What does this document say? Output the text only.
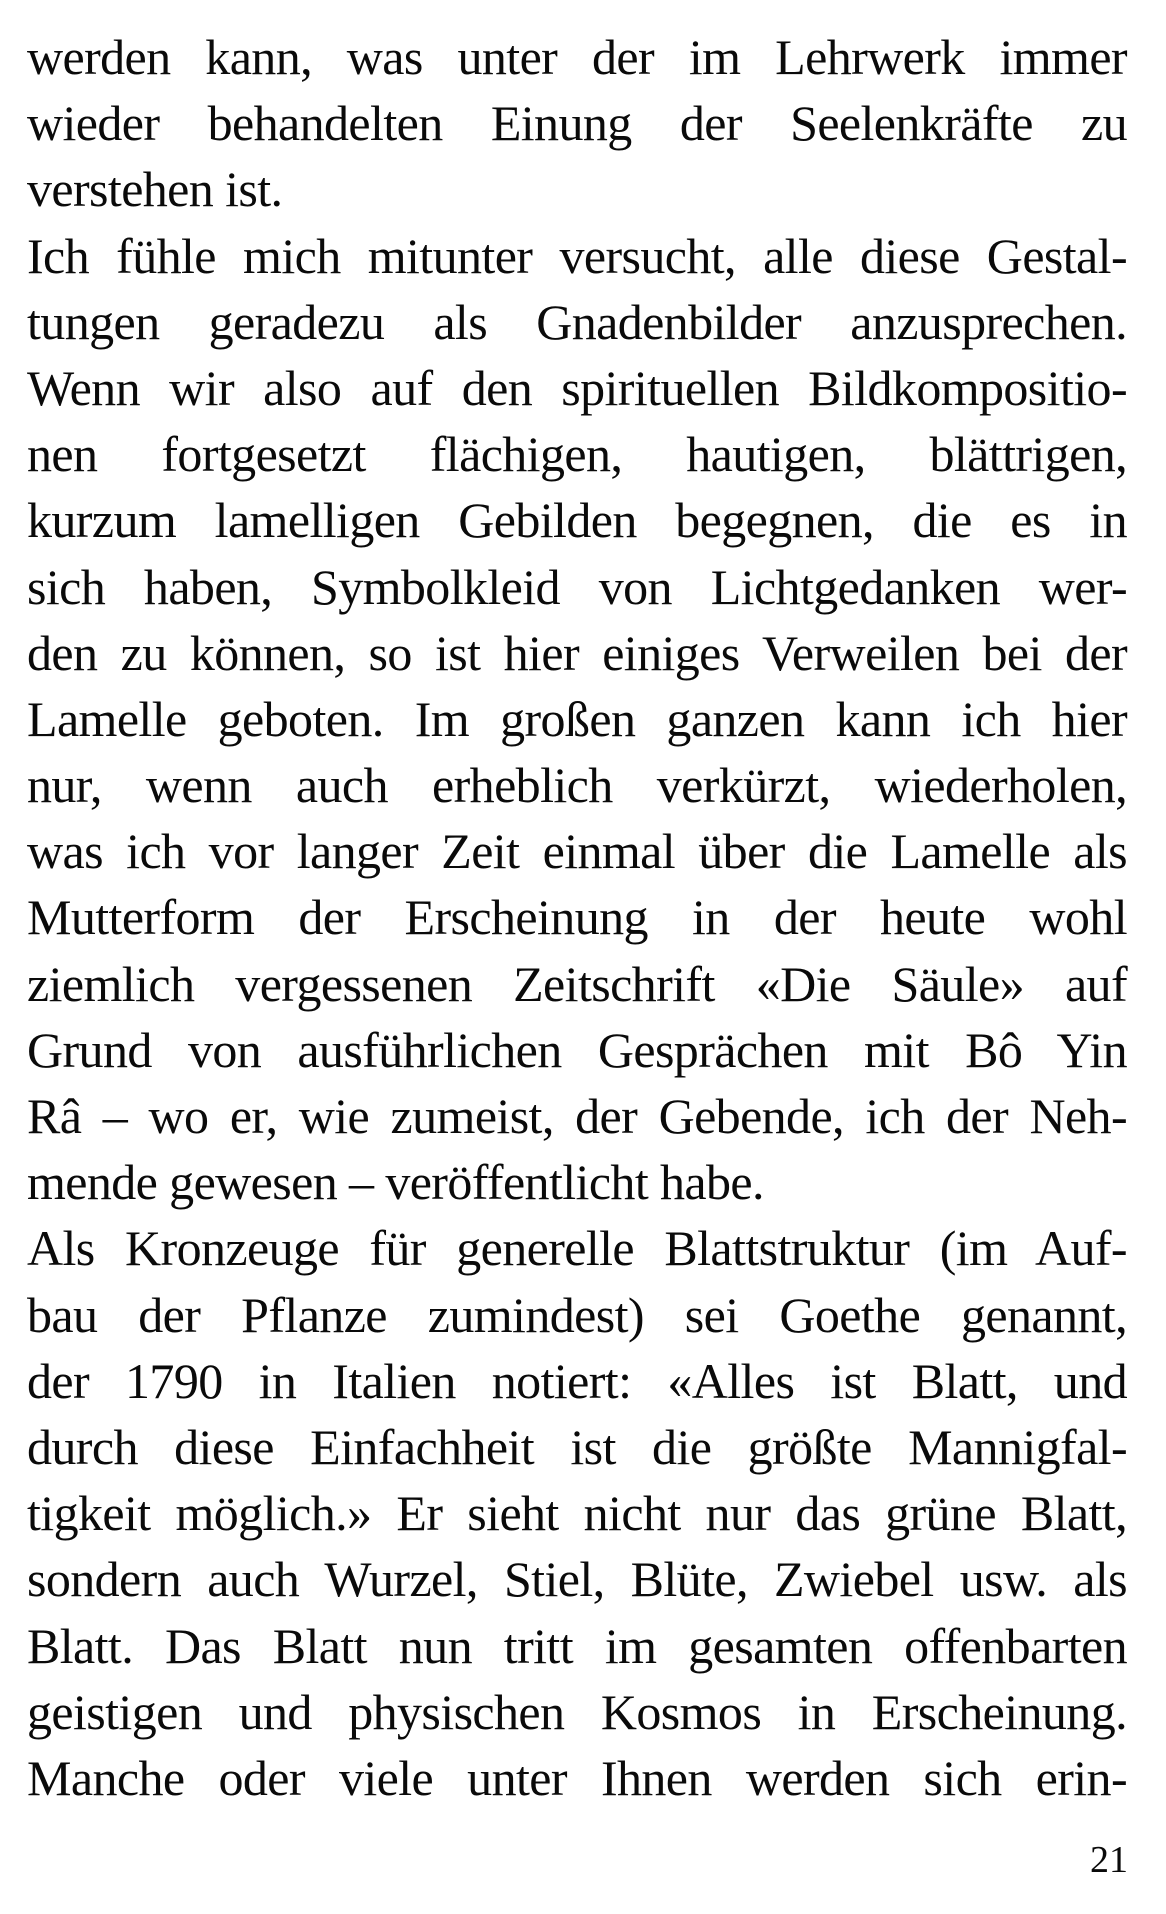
werden kann, was unter der im Lehrwerk immer
wieder behandelten Einung der Seelenkräfte zu
verstehen ist.
Ich fühle mich mitunter versucht, alle diese Gestal-
tungen geradezu als Gnadenbilder anzusprechen.
Wenn wir also auf den spirituellen Bildkompositio-
nen fortgesetzt flächigen, hautigen, blättrigen,
kurzum lamelligen Gebilden begegnen, die es in
sich haben, Symbolkleid von Lichtgedanken wer-
den zu können, so ist hier einiges Verweilen bei der
Lamelle geboten. Im großen ganzen kann ich hier
nur, wenn auch erheblich verkürzt, wiederholen,
was ich vor langer Zeit einmal über die Lamelle als
Mutterform der Erscheinung in der heute wohl
ziemlich vergessenen Zeitschrift «Die Säule» auf
Grund von ausführlichen Gesprächen mit Bô Yin
Râ – wo er, wie zumeist, der Gebende, ich der Neh-
mende gewesen – veröffentlicht habe.
Als Kronzeuge für generelle Blattstruktur (im Auf-
bau der Pflanze zumindest) sei Goethe genannt,
der 1790 in Italien notiert: «Alles ist Blatt, und
durch diese Einfachheit ist die größte Mannigfal-
tigkeit möglich.» Er sieht nicht nur das grüne Blatt,
sondern auch Wurzel, Stiel, Blüte, Zwiebel usw. als
Blatt. Das Blatt nun tritt im gesamten offenbarten
geistigen und physischen Kosmos in Erscheinung.
Manche oder viele unter Ihnen werden sich erin-
21
